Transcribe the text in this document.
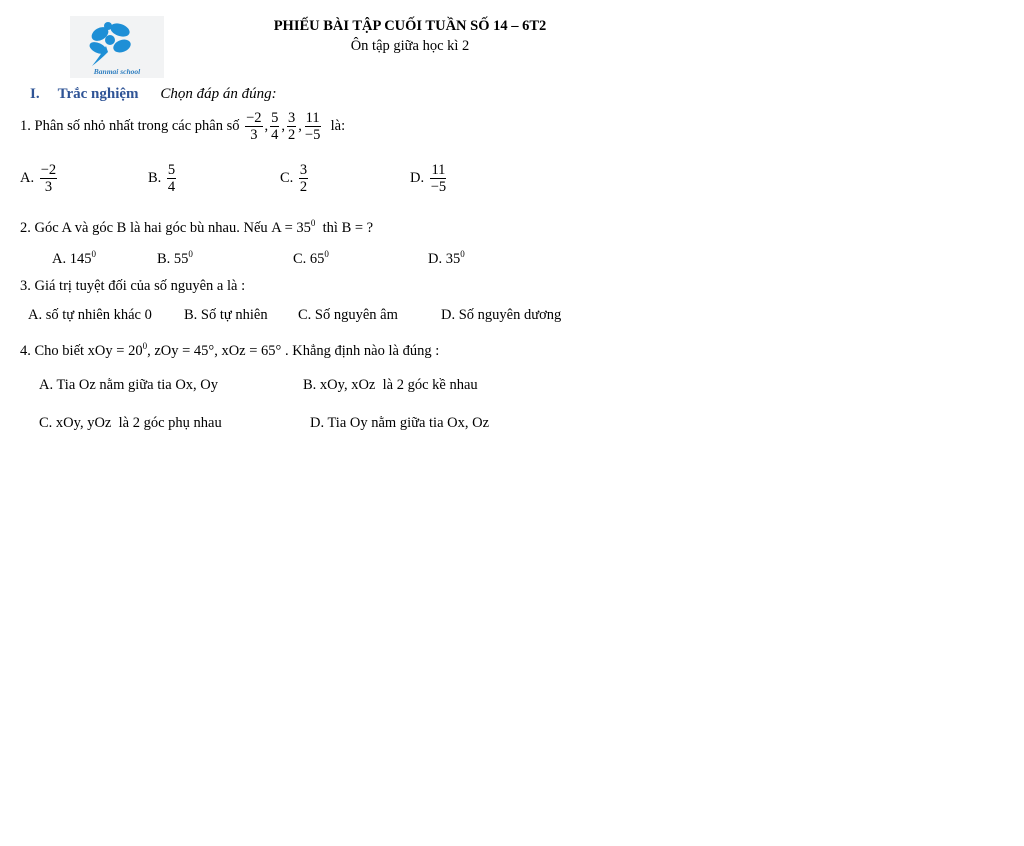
Banmai school
PHIẾU BÀI TẬP CUỐI TUẦN SỐ 14 – 6T2
Ôn tập giữa học kì 2
I. Trắc nghiệm Chọn đáp án đúng:
1. Phân số nhỏ nhất trong các phân số $\frac{-2}{3}$ , $\frac{5}{4}$ , $\frac{3}{2}$ , $\frac{11}{-5}$ là:
A. $\frac{-2}{3}$	B. $\frac{5}{4}$	C. $\frac{3}{2}$	D. $\frac{11}{-5}$
2. Góc A và góc B là hai góc bù nhau. Nếu $A = 35^0$ thì B = ?
A. $145^0$	B. $55^0$	C. $65^0$	D. $35^0$
3. Giá trị tuyệt đối của số nguyên a là :
A. số tự nhiên khác 0 B. Số tự nhiên C. Số nguyên âm	D. Số nguyên dương
4. Cho biết xOy = $20^0$, zOy = 45°, xOz = 65° . Khẳng định nào là đúng :
A. Tia Oz nằm giữa tia Ox, Oy	B. xOy, xOz là 2 góc kề nhau
C. xOy, yOz là 2 góc phụ nhau	D. Tia Oy nằm giữa tia Ox, Oz
